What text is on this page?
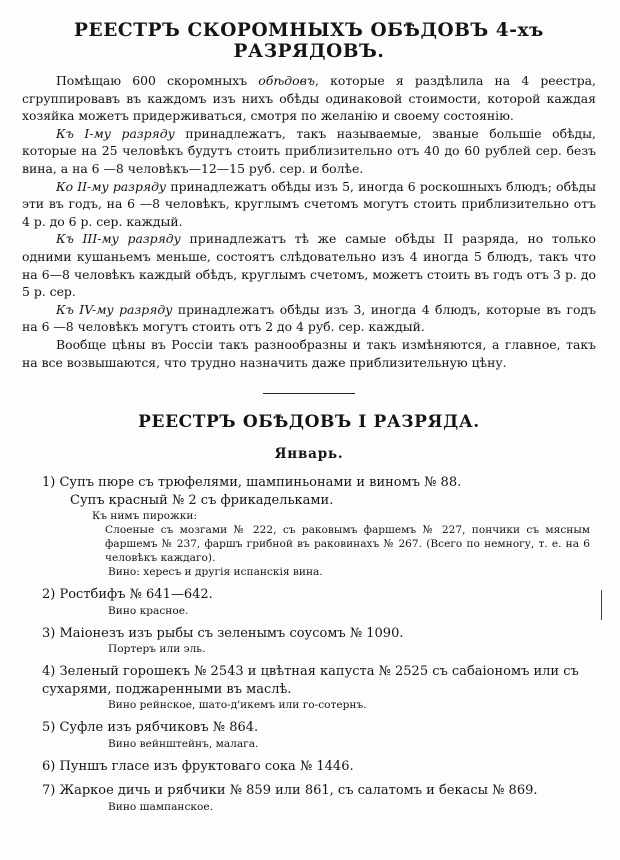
РЕЕСТРЪ СКОРОМНЫХЪ ОБѢДОВЪ 4-хъ РАЗРЯДОВЪ.

Помѣщаю 600 скоромныхъ обѣдовъ, которые я раздѣлила на 4 реестра, сгруппировавъ въ каждомъ изъ нихъ обѣды одинаковой стоимости, которой каждая хозяйка можетъ придерживаться, смотря по желанію и своему состоянію.

Къ I-му разряду принадлежатъ, такъ называемые, званые большіе обѣды, которые на 25 человѣкъ будутъ стоить приблизительно отъ 40 до 60 рублей сер. безъ вина, а на 6 —8 человѣкъ—12—15 руб. сер. и болѣе.

Ко II-му разряду принадлежатъ обѣды изъ 5, иногда 6 роскошныхъ блюдъ; обѣды эти въ годъ, на 6 —8 человѣкъ, круглымъ счетомъ могутъ стоить приблизительно отъ 4 р. до 6 р. сер. каждый.

Къ III-му разряду принадлежатъ тѣ же самые обѣды II разряда, но только одними кушаньемъ меньше, состоятъ слѣдовательно изъ 4 иногда 5 блюдъ, такъ что на 6—8 человѣкъ каждый обѣдъ, круглымъ счетомъ, можетъ стоить въ годъ отъ 3 р. до 5 р. сер.

Къ IV-му разряду принадлежатъ обѣды изъ 3, иногда 4 блюдъ, которые въ годъ на 6 —8 человѣкъ могутъ стоить отъ 2 до 4 руб. сер. каждый.

Вообще цѣны въ Россіи такъ разнообразны и такъ измѣняются, а главное, такъ на все возвышаются, что трудно назначить даже приблизительную цѣну.

РЕЕСТРЪ ОБѢДОВЪ I РАЗРЯДА.
Январь.
1) Супъ пюре съ трюфелями, шампиньонами и виномъ № 88.
Супъ красный № 2 съ фрикадельками.
Къ нимъ пирожки:
Слоеные съ мозгами № 222, съ раковымъ фаршемъ № 227, пончики съ мясным фаршемъ № 237, фаршъ грибной въ раковинахъ № 267. (Всего по немногу, т. е. на 6 человѣкъ каждаго).
Вино: хересъ и другія испанскія вина.
2) Ростбифъ № 641—642.
Вино красное.
3) Маіонезъ изъ рыбы съ зеленымъ соусомъ № 1090.
Портеръ или эль.
4) Зеленый горошекъ № 2543 и цвѣтная капуста № 2525 съ сабаіономъ или съ сухарями, поджаренными въ маслѣ.
Вино рейнское, шато-д'икемъ или го-сотернъ.
5) Суфле изъ рябчиковъ № 864.
Вино вейнштейнъ, малага.
6) Пуншъ гласе изъ фруктоваго сока № 1446.
7) Жаркое дичь и рябчики № 859 или 861, съ салатомъ и бекасы № 869.
Вино шампанское.
